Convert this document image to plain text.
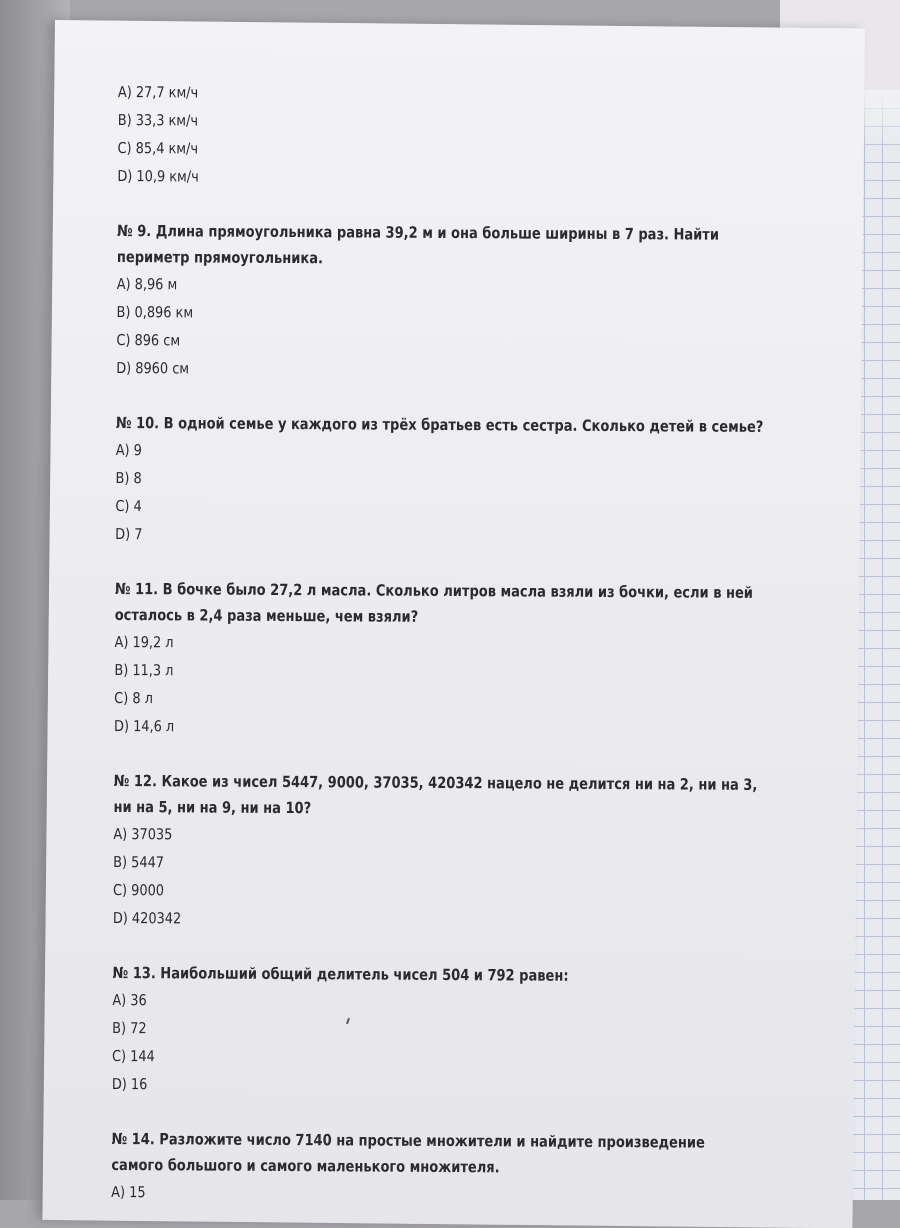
A) 27,7 км/ч
B) 33,3 км/ч
C) 85,4 км/ч
D) 10,9 км/ч
№ 9. Длина прямоугольника равна 39,2 м и она больше ширины в 7 раз. Найти
периметр прямоугольника.
A) 8,96 м
B) 0,896 км
C) 896 см
D) 8960 см
№ 10. В одной семье у каждого из трёх братьев есть сестра. Сколько детей в семье?
A) 9
B) 8
C) 4
D) 7
№ 11. В бочке было 27,2 л масла. Сколько литров масла взяли из бочки, если в ней
осталось в 2,4 раза меньше, чем взяли?
A) 19,2 л
B) 11,3 л
C) 8 л
D) 14,6 л
№ 12. Какое из чисел 5447, 9000, 37035, 420342 нацело не делится ни на 2, ни на 3,
ни на 5, ни на 9, ни на 10?
A) 37035
B) 5447
C) 9000
D) 420342
№ 13. Наибольший общий делитель чисел 504 и 792 равен:
A) 36
B) 72
C) 144
D) 16
№ 14. Разложите число 7140 на простые множители и найдите произведение
самого большого и самого маленького множителя.
A) 15
